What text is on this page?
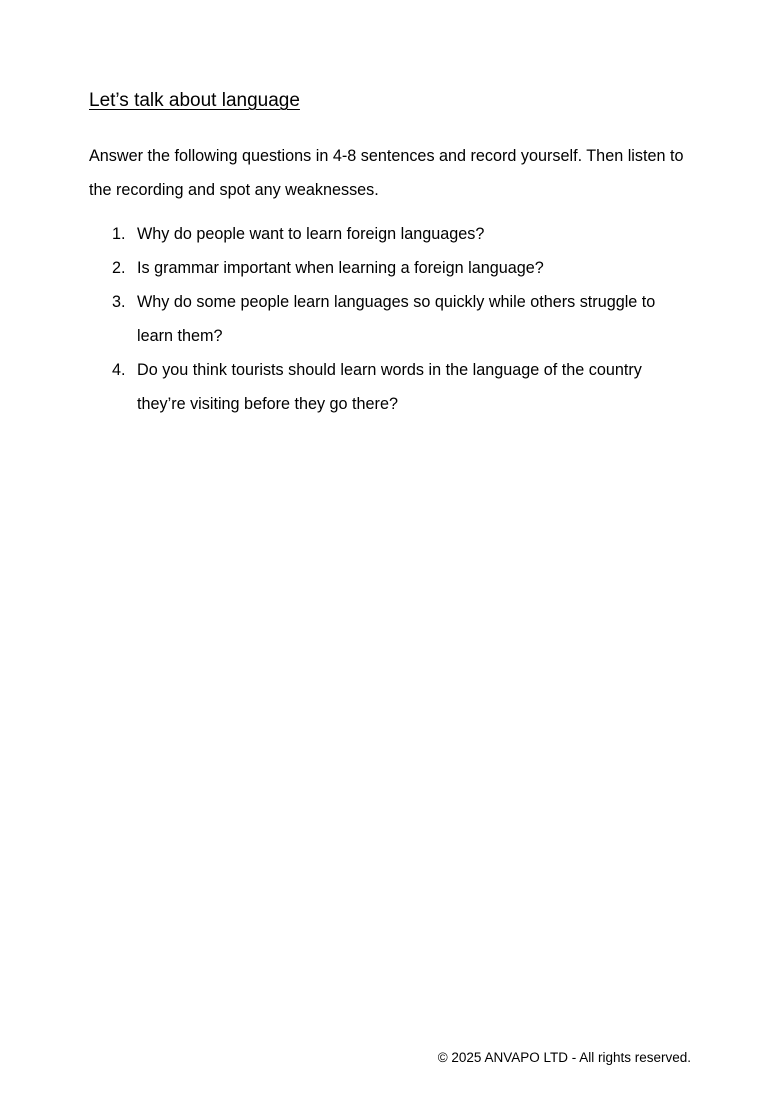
Let’s talk about language

Answer the following questions in 4-8 sentences and record yourself. Then listen to the recording and spot any weaknesses.

1. Why do people want to learn foreign languages?
2. Is grammar important when learning a foreign language?
3. Why do some people learn languages so quickly while others struggle to learn them?
4. Do you think tourists should learn words in the language of the country they’re visiting before they go there?
© 2025 ANVAPO LTD - All rights reserved.
